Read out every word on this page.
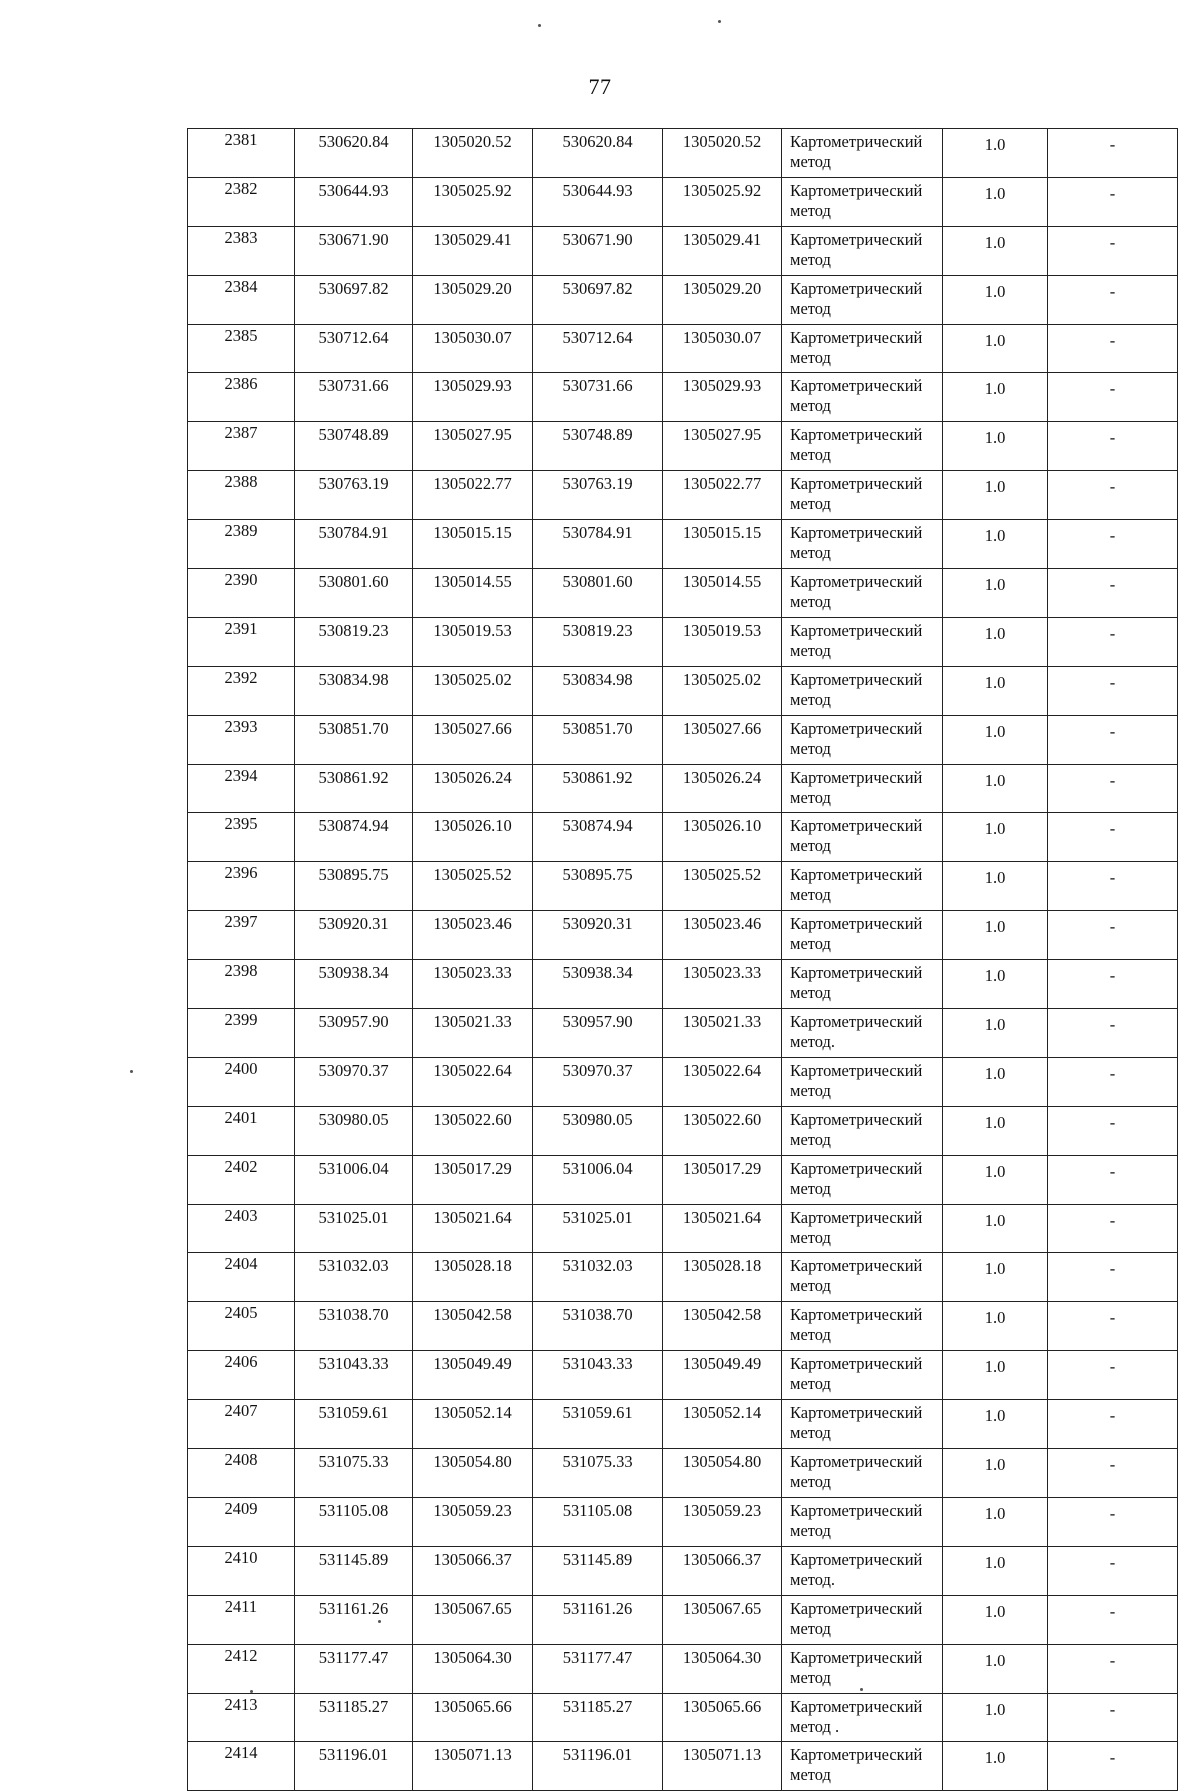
77
2381	530620.84	1305020.52	530620.84	1305020.52	Картометрический
метод	1.0	-
2382	530644.93	1305025.92	530644.93	1305025.92	Картометрический
метод	1.0	-
2383	530671.90	1305029.41	530671.90	1305029.41	Картометрический
метод	1.0	-
2384	530697.82	1305029.20	530697.82	1305029.20	Картометрический
метод	1.0	-
2385	530712.64	1305030.07	530712.64	1305030.07	Картометрический
метод	1.0	-
2386	530731.66	1305029.93	530731.66	1305029.93	Картометрический
метод	1.0	-
2387	530748.89	1305027.95	530748.89	1305027.95	Картометрический
метод	1.0	-
2388	530763.19	1305022.77	530763.19	1305022.77	Картометрический
метод	1.0	-
2389	530784.91	1305015.15	530784.91	1305015.15	Картометрический
метод	1.0	-
2390	530801.60	1305014.55	530801.60	1305014.55	Картометрический
метод	1.0	-
2391	530819.23	1305019.53	530819.23	1305019.53	Картометрический
метод	1.0	-
2392	530834.98	1305025.02	530834.98	1305025.02	Картометрический
метод	1.0	-
2393	530851.70	1305027.66	530851.70	1305027.66	Картометрический
метод	1.0	-
2394	530861.92	1305026.24	530861.92	1305026.24	Картометрический
метод	1.0	-
2395	530874.94	1305026.10	530874.94	1305026.10	Картометрический
метод	1.0	-
2396	530895.75	1305025.52	530895.75	1305025.52	Картометрический
метод	1.0	-
2397	530920.31	1305023.46	530920.31	1305023.46	Картометрический
метод	1.0	-
2398	530938.34	1305023.33	530938.34	1305023.33	Картометрический
метод	1.0	-
2399	530957.90	1305021.33	530957.90	1305021.33	Картометрический
метод.	1.0	-
2400	530970.37	1305022.64	530970.37	1305022.64	Картометрический
метод	1.0	-
2401	530980.05	1305022.60	530980.05	1305022.60	Картометрический
метод	1.0	-
2402	531006.04	1305017.29	531006.04	1305017.29	Картометрический
метод	1.0	-
2403	531025.01	1305021.64	531025.01	1305021.64	Картометрический
метод	1.0	-
2404	531032.03	1305028.18	531032.03	1305028.18	Картометрический
метод	1.0	-
2405	531038.70	1305042.58	531038.70	1305042.58	Картометрический
метод	1.0	-
2406	531043.33	1305049.49	531043.33	1305049.49	Картометрический
метод	1.0	-
2407	531059.61	1305052.14	531059.61	1305052.14	Картометрический
метод	1.0	-
2408	531075.33	1305054.80	531075.33	1305054.80	Картометрический
метод	1.0	-
2409	531105.08	1305059.23	531105.08	1305059.23	Картометрический
метод	1.0	-
2410	531145.89	1305066.37	531145.89	1305066.37	Картометрический
метод.	1.0	-
2411	531161.26	1305067.65	531161.26	1305067.65	Картометрический
метод	1.0	-
2412	531177.47	1305064.30	531177.47	1305064.30	Картометрический
метод	1.0	-
2413	531185.27	1305065.66	531185.27	1305065.66	Картометрический
метод .	1.0	-
2414	531196.01	1305071.13	531196.01	1305071.13	Картометрический
метод	1.0	-
